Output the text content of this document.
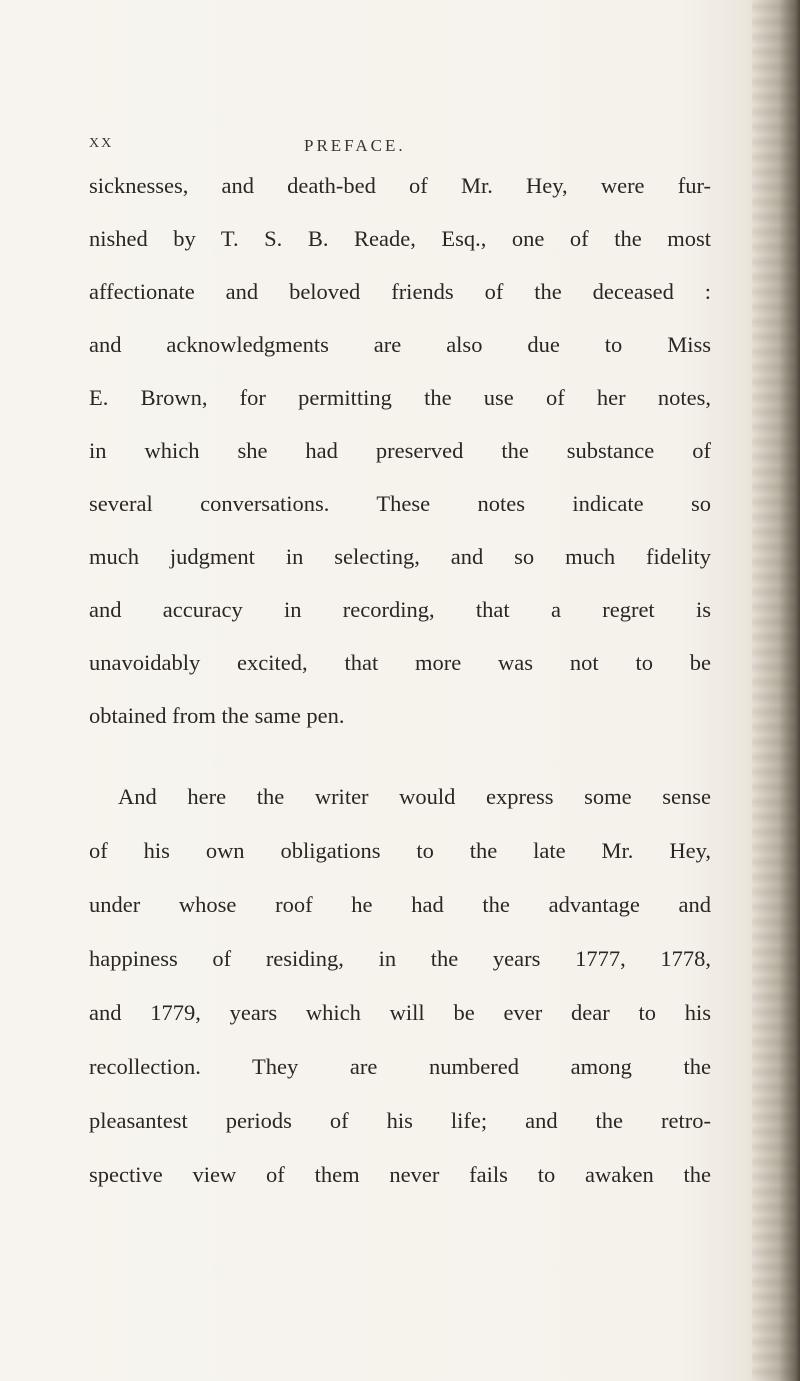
XX	PREFACE.
sicknesses, and death-bed of Mr. Hey, were fur-
nished by T. S. B. Reade, Esq., one of the most
affectionate and beloved friends of the deceased :
and acknowledgments are also due to Miss
E. Brown, for permitting the use of her notes,
in which she had preserved the substance of
several conversations. These notes indicate so
much judgment in selecting, and so much fidelity
and accuracy in recording, that a regret is
unavoidably excited, that more was not to be
obtained from the same pen.
And here the writer would express some sense
of his own obligations to the late Mr. Hey,
under whose roof he had the advantage and
happiness of residing, in the years 1777, 1778,
and 1779, years which will be ever dear to his
recollection. They are numbered among the
pleasantest periods of his life; and the retro-
spective view of them never fails to awaken the
